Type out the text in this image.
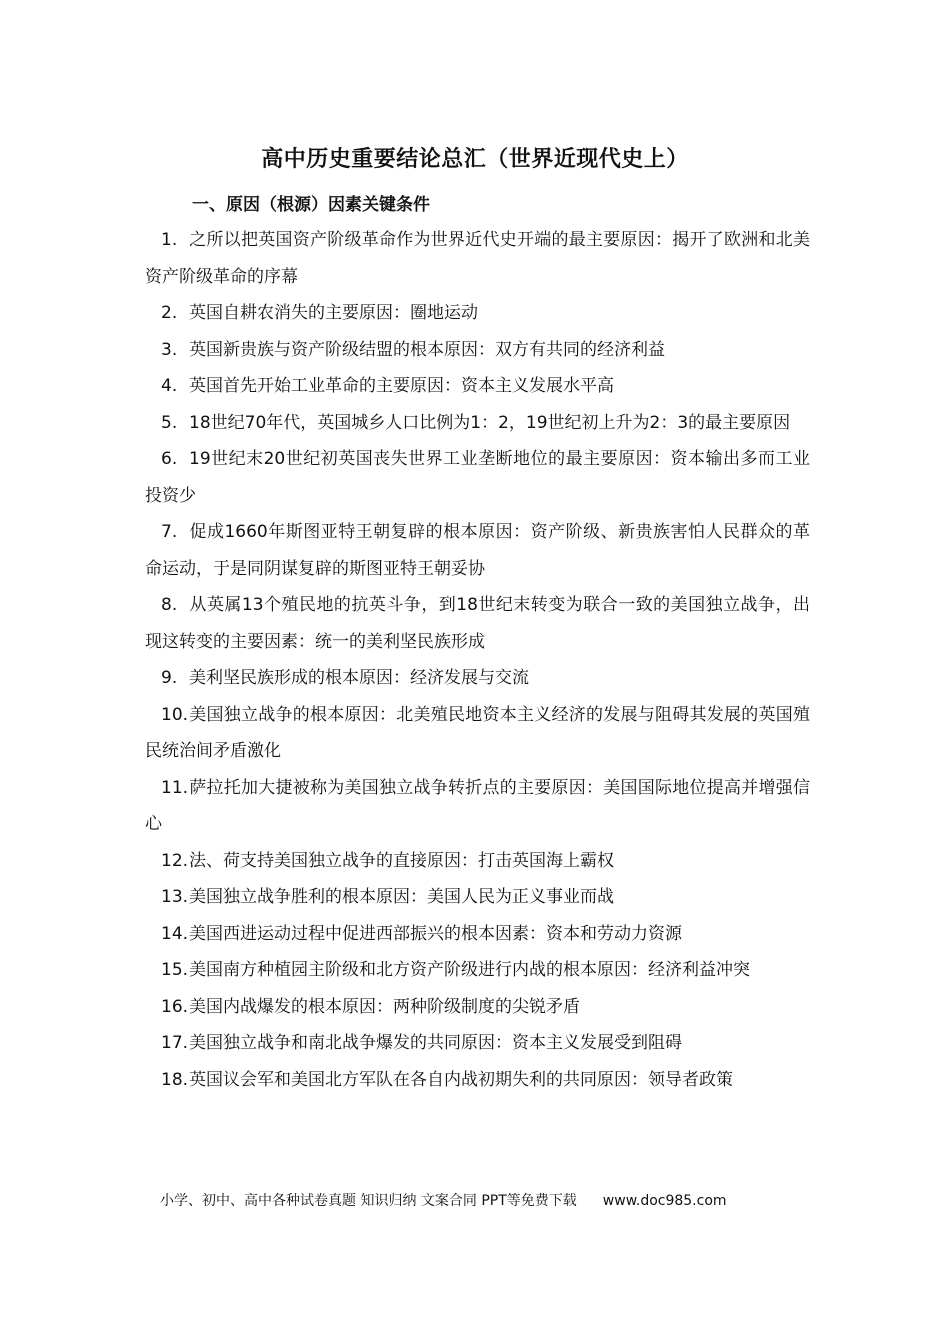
高中历史重要结论总汇（世界近现代史上）
一、原因（根源）因素关键条件
1. 之所以把英国资产阶级革命作为世界近代史开端的最主要原因：揭开了欧洲和北美资产阶级革命的序幕
2. 英国自耕农消失的主要原因：圈地运动
3. 英国新贵族与资产阶级结盟的根本原因：双方有共同的经济利益
4. 英国首先开始工业革命的主要原因：资本主义发展水平高
5. 18世纪70年代，英国城乡人口比例为1：2，19世纪初上升为2：3的最主要原因
6. 19世纪末20世纪初英国丧失世界工业垄断地位的最主要原因：资本输出多而工业投资少
7. 促成1660年斯图亚特王朝复辟的根本原因：资产阶级、新贵族害怕人民群众的革命运动，于是同阴谋复辟的斯图亚特王朝妥协
8. 从英属13个殖民地的抗英斗争，到18世纪末转变为联合一致的美国独立战争，出现这转变的主要因素：统一的美利坚民族形成
9. 美利坚民族形成的根本原因：经济发展与交流
10.美国独立战争的根本原因：北美殖民地资本主义经济的发展与阻碍其发展的英国殖民统治间矛盾激化
11.萨拉托加大捷被称为美国独立战争转折点的主要原因：美国国际地位提高并增强信心
12.法、荷支持美国独立战争的直接原因：打击英国海上霸权
13.美国独立战争胜利的根本原因：美国人民为正义事业而战
14.美国西进运动过程中促进西部振兴的根本因素：资本和劳动力资源
15.美国南方种植园主阶级和北方资产阶级进行内战的根本原因：经济利益冲突
16.美国内战爆发的根本原因：两种阶级制度的尖锐矛盾
17.美国独立战争和南北战争爆发的共同原因：资本主义发展受到阻碍
18.英国议会军和美国北方军队在各自内战初期失利的共同原因：领导者政策
小学、初中、高中各种试卷真题 知识归纳 文案合同 PPT等免费下载 www.doc985.com
